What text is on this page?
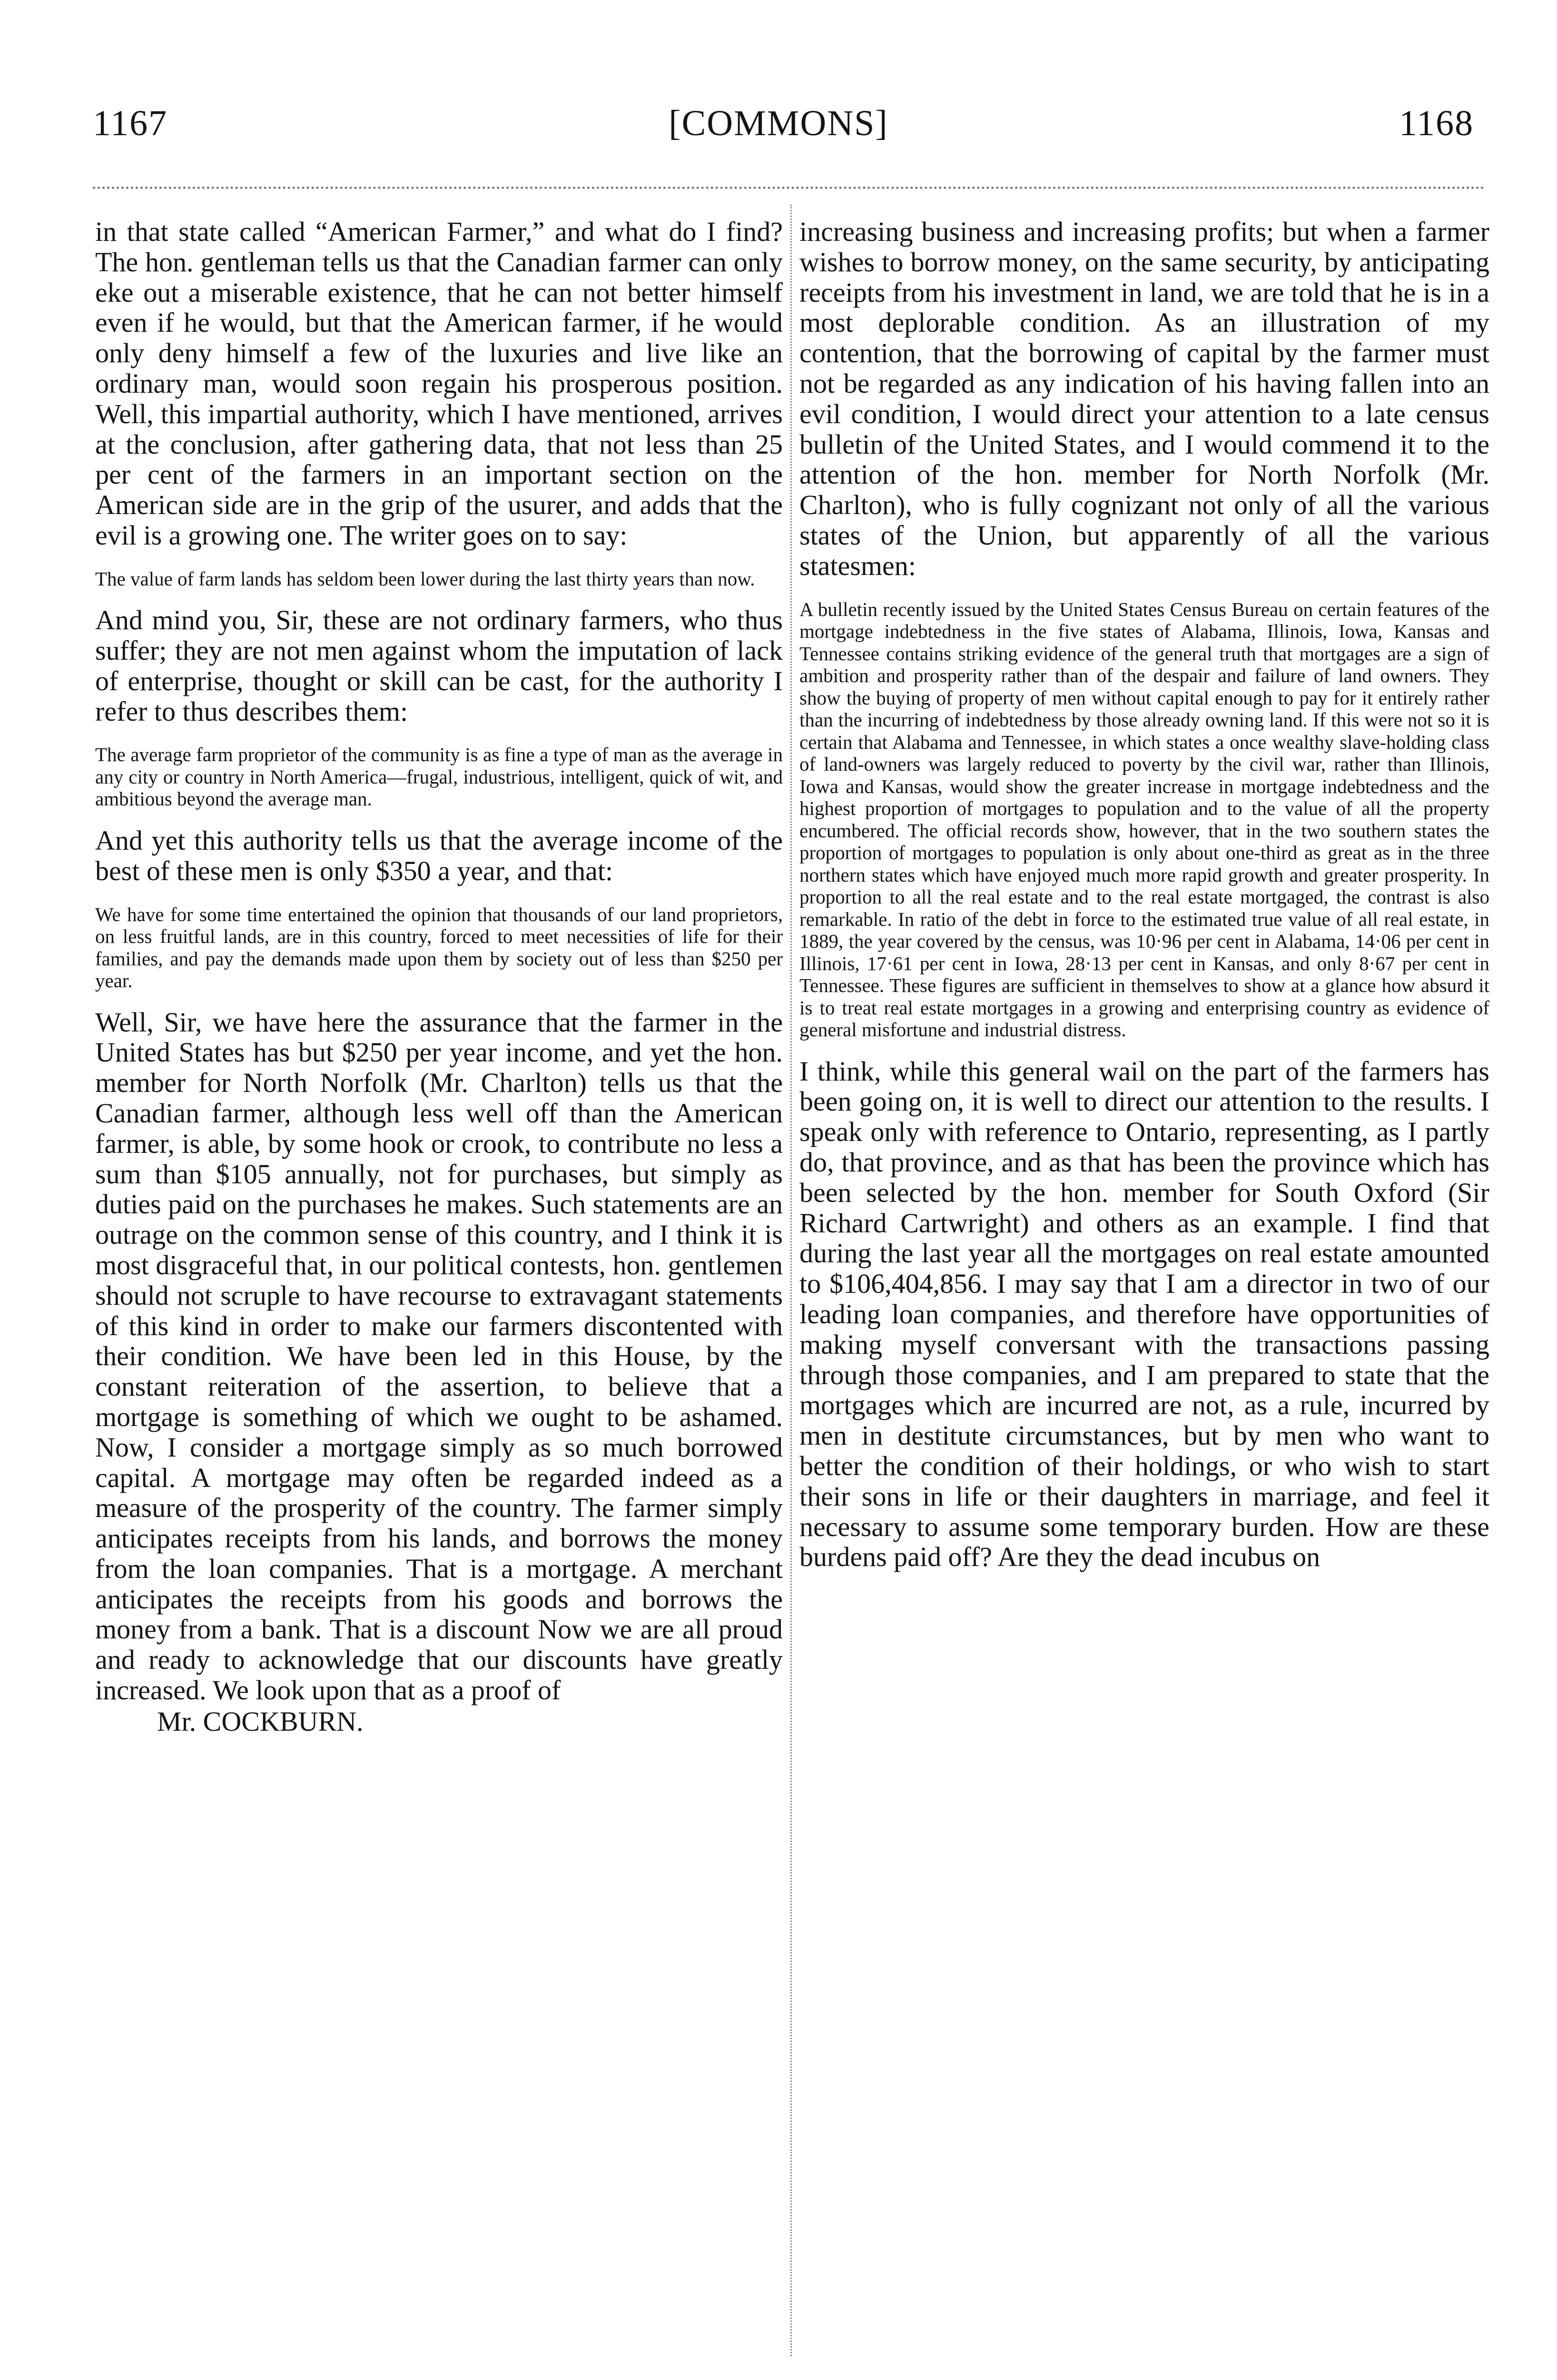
[COMMONS]
1167	1168

in that state called “American Farmer,” and what do I find? The hon. gentleman tells us that the Canadian farmer can only eke out a miserable existence, that he can not better himself even if he would, but that the American farmer, if he would only deny himself a few of the luxuries and live like an ordinary man, would soon regain his prosperous position. Well, this impartial authority, which I have mentioned, arrives at the conclusion, after gathering data, that not less than 25 per cent of the farmers in an important section on the American side are in the grip of the usurer, and adds that the evil is a growing one. The writer goes on to say:

The value of farm lands has seldom been lower during the last thirty years than now.

And mind you, Sir, these are not ordinary farmers, who thus suffer; they are not men against whom the imputation of lack of enterprise, thought or skill can be cast, for the authority I refer to thus describes them:

The average farm proprietor of the community is as fine a type of man as the average in any city or country in North America—frugal, industrious, intelligent, quick of wit, and ambitious beyond the average man.

And yet this authority tells us that the average income of the best of these men is only $350 a year, and that:

We have for some time entertained the opinion that thousands of our land proprietors, on less fruitful lands, are in this country, forced to meet necessities of life for their families, and pay the demands made upon them by society out of less than $250 per year.

Well, Sir, we have here the assurance that the farmer in the United States has but $250 per year income, and yet the hon. member for North Norfolk (Mr. Charlton) tells us that the Canadian farmer, although less well off than the American farmer, is able, by some hook or crook, to contribute no less a sum than $105 annually, not for purchases, but simply as duties paid on the purchases he makes. Such statements are an outrage on the common sense of this country, and I think it is most disgraceful that, in our political contests, hon. gentlemen should not scruple to have recourse to extravagant statements of this kind in order to make our farmers discontented with their condition. We have been led in this House, by the constant reiteration of the assertion, to believe that a mortgage is something of which we ought to be ashamed. Now, I consider a mortgage simply as so much borrowed capital. A mortgage may often be regarded indeed as a measure of the prosperity of the country. The farmer simply anticipates receipts from his lands, and borrows the money from the loan companies. That is a mortgage. A merchant anticipates the receipts from his goods and borrows the money from a bank. That is a discount Now we are all proud and ready to acknowledge that our discounts have greatly increased. We look upon that as a proof of

Mr. COCKBURN.

increasing business and increasing profits; but when a farmer wishes to borrow money, on the same security, by anticipating receipts from his investment in land, we are told that he is in a most deplorable condition. As an illustration of my contention, that the borrowing of capital by the farmer must not be regarded as any indication of his having fallen into an evil condition, I would direct your attention to a late census bulletin of the United States, and I would commend it to the attention of the hon. member for North Norfolk (Mr. Charlton), who is fully cognizant not only of all the various states of the Union, but apparently of all the various statesmen:

A bulletin recently issued by the United States Census Bureau on certain features of the mortgage indebtedness in the five states of Alabama, Illinois, Iowa, Kansas and Tennessee contains striking evidence of the general truth that mortgages are a sign of ambition and prosperity rather than of the despair and failure of land owners. They show the buying of property of men without capital enough to pay for it entirely rather than the incurring of indebtedness by those already owning land. If this were not so it is certain that Alabama and Tennessee, in which states a once wealthy slave-holding class of land-owners was largely reduced to poverty by the civil war, rather than Illinois, Iowa and Kansas, would show the greater increase in mortgage indebtedness and the highest proportion of mortgages to population and to the value of all the property encumbered. The official records show, however, that in the two southern states the proportion of mortgages to population is only about one-third as great as in the three northern states which have enjoyed much more rapid growth and greater prosperity. In proportion to all the real estate and to the real estate mortgaged, the contrast is also remarkable. In ratio of the debt in force to the estimated true value of all real estate, in 1889, the year covered by the census, was 10·96 per cent in Alabama, 14·06 per cent in Illinois, 17·61 per cent in Iowa, 28·13 per cent in Kansas, and only 8·67 per cent in Tennessee. These figures are sufficient in themselves to show at a glance how absurd it is to treat real estate mortgages in a growing and enterprising country as evidence of general misfortune and industrial distress.

I think, while this general wail on the part of the farmers has been going on, it is well to direct our attention to the results. I speak only with reference to Ontario, representing, as I partly do, that province, and as that has been the province which has been selected by the hon. member for South Oxford (Sir Richard Cartwright) and others as an example. I find that during the last year all the mortgages on real estate amounted to $106,404,856. I may say that I am a director in two of our leading loan companies, and therefore have opportunities of making myself conversant with the transactions passing through those companies, and I am prepared to state that the mortgages which are incurred are not, as a rule, incurred by men in destitute circumstances, but by men who want to better the condition of their holdings, or who wish to start their sons in life or their daughters in marriage, and feel it necessary to assume some temporary burden. How are these burdens paid off? Are they the dead incubus on
